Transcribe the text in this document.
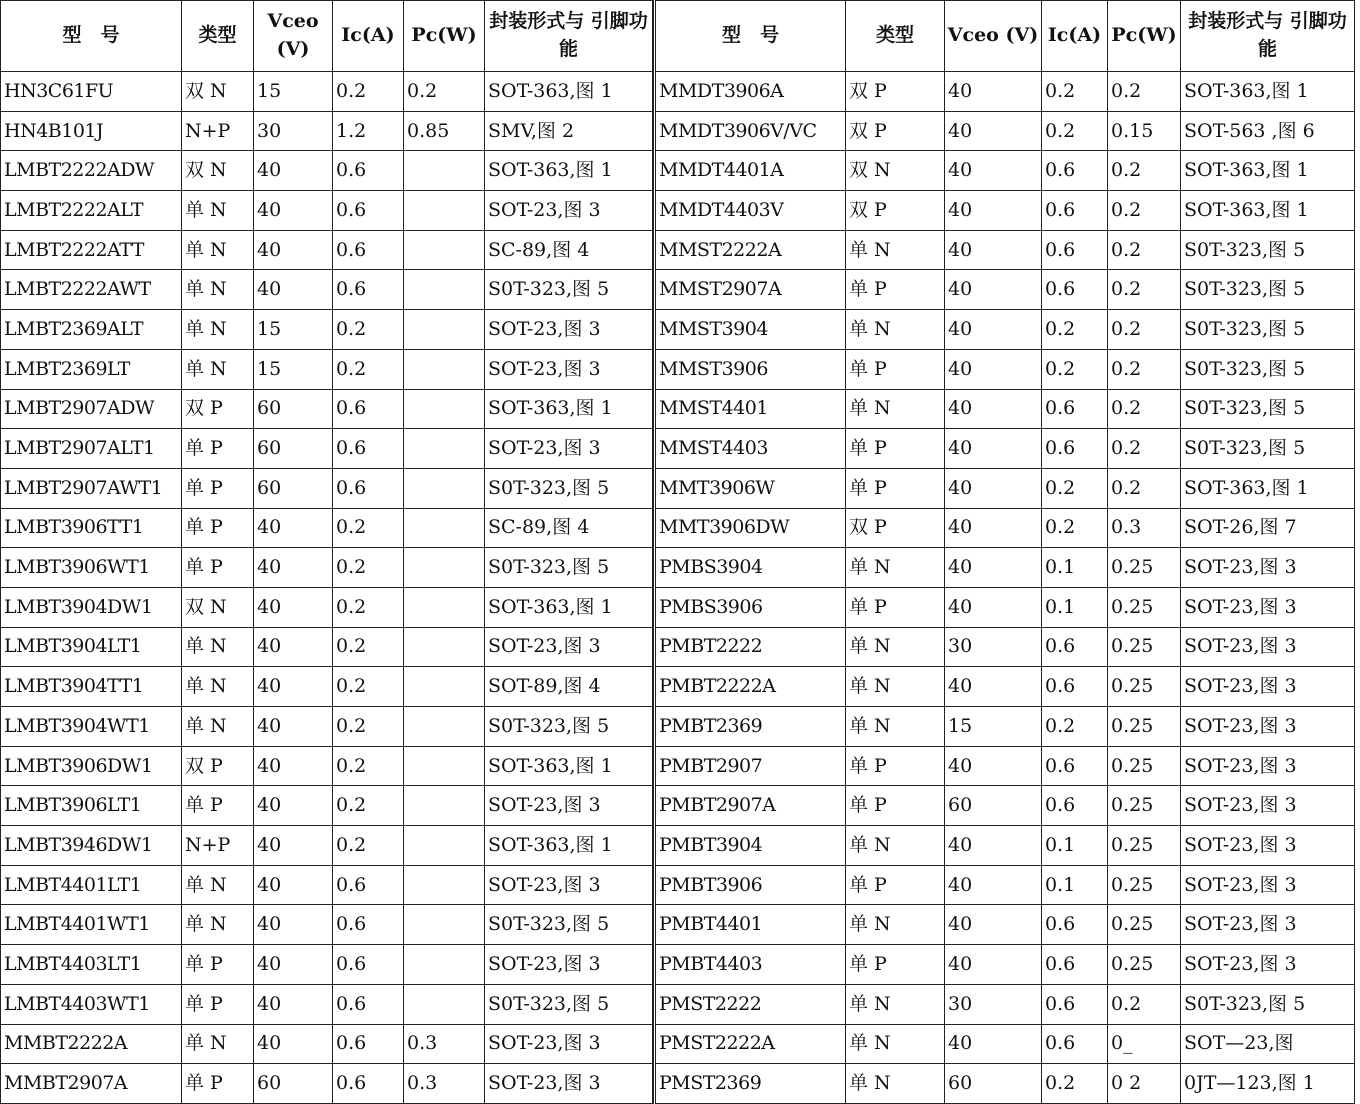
型　号	类型	Vceo (V)	Ic(A)	Pc(W)	封装形式与 引脚功能
HN3C61FU	双 N	15	0.2	0.2	SOT-363,图 1
HN4B101J	N+P	30	1.2	0.85	SMV,图 2
LMBT2222ADW	双 N	40	0.6		SOT-363,图 1
LMBT2222ALT	单 N	40	0.6		SOT-23,图 3
LMBT2222ATT	单 N	40	0.6		SC-89,图 4
LMBT2222AWT	单 N	40	0.6		S0T-323,图 5
LMBT2369ALT	单 N	15	0.2		SOT-23,图 3
LMBT2369LT	单 N	15	0.2		SOT-23,图 3
LMBT2907ADW	双 P	60	0.6		SOT-363,图 1
LMBT2907ALT1	单 P	60	0.6		SOT-23,图 3
LMBT2907AWT1	单 P	60	0.6		S0T-323,图 5
LMBT3906TT1	单 P	40	0.2		SC-89,图 4
LMBT3906WT1	单 P	40	0.2		S0T-323,图 5
LMBT3904DW1	双 N	40	0.2		SOT-363,图 1
LMBT3904LT1	单 N	40	0.2		SOT-23,图 3
LMBT3904TT1	单 N	40	0.2		SOT-89,图 4
LMBT3904WT1	单 N	40	0.2		S0T-323,图 5
LMBT3906DW1	双 P	40	0.2		SOT-363,图 1
LMBT3906LT1	单 P	40	0.2		SOT-23,图 3
LMBT3946DW1	N+P	40	0.2		SOT-363,图 1
LMBT4401LT1	单 N	40	0.6		SOT-23,图 3
LMBT4401WT1	单 N	40	0.6		S0T-323,图 5
LMBT4403LT1	单 P	40	0.6		SOT-23,图 3
LMBT4403WT1	单 P	40	0.6		S0T-323,图 5
MMBT2222A	单 N	40	0.6	0.3	SOT-23,图 3
MMBT2907A	单 P	60	0.6	0.3	SOT-23,图 3
型　号	类型	Vceo (V)	Ic(A)	Pc(W)	封装形式与 引脚功能
MMDT3906A	双 P	40	0.2	0.2	SOT-363,图 1
MMDT3906V/VC	双 P	40	0.2	0.15	SOT-563 ,图 6
MMDT4401A	双 N	40	0.6	0.2	SOT-363,图 1
MMDT4403V	双 P	40	0.6	0.2	SOT-363,图 1
MMST2222A	单 N	40	0.6	0.2	S0T-323,图 5
MMST2907A	单 P	40	0.6	0.2	S0T-323,图 5
MMST3904	单 N	40	0.2	0.2	S0T-323,图 5
MMST3906	单 P	40	0.2	0.2	S0T-323,图 5
MMST4401	单 N	40	0.6	0.2	S0T-323,图 5
MMST4403	单 P	40	0.6	0.2	S0T-323,图 5
MMT3906W	单 P	40	0.2	0.2	SOT-363,图 1
MMT3906DW	双 P	40	0.2	0.3	SOT-26,图 7
PMBS3904	单 N	40	0.1	0.25	SOT-23,图 3
PMBS3906	单 P	40	0.1	0.25	SOT-23,图 3
PMBT2222	单 N	30	0.6	0.25	SOT-23,图 3
PMBT2222A	单 N	40	0.6	0.25	SOT-23,图 3
PMBT2369	单 N	15	0.2	0.25	SOT-23,图 3
PMBT2907	单 P	40	0.6	0.25	SOT-23,图 3
PMBT2907A	单 P	60	0.6	0.25	SOT-23,图 3
PMBT3904	单 N	40	0.1	0.25	SOT-23,图 3
PMBT3906	单 P	40	0.1	0.25	SOT-23,图 3
PMBT4401	单 N	40	0.6	0.25	SOT-23,图 3
PMBT4403	单 P	40	0.6	0.25	SOT-23,图 3
PMST2222	单 N	30	0.6	0.2	S0T-323,图 5
PMST2222A	单 N	40	0.6	0_	SOT—23,图
PMST2369	单 N	60	0.2	0 2	0JT—123,图 1
